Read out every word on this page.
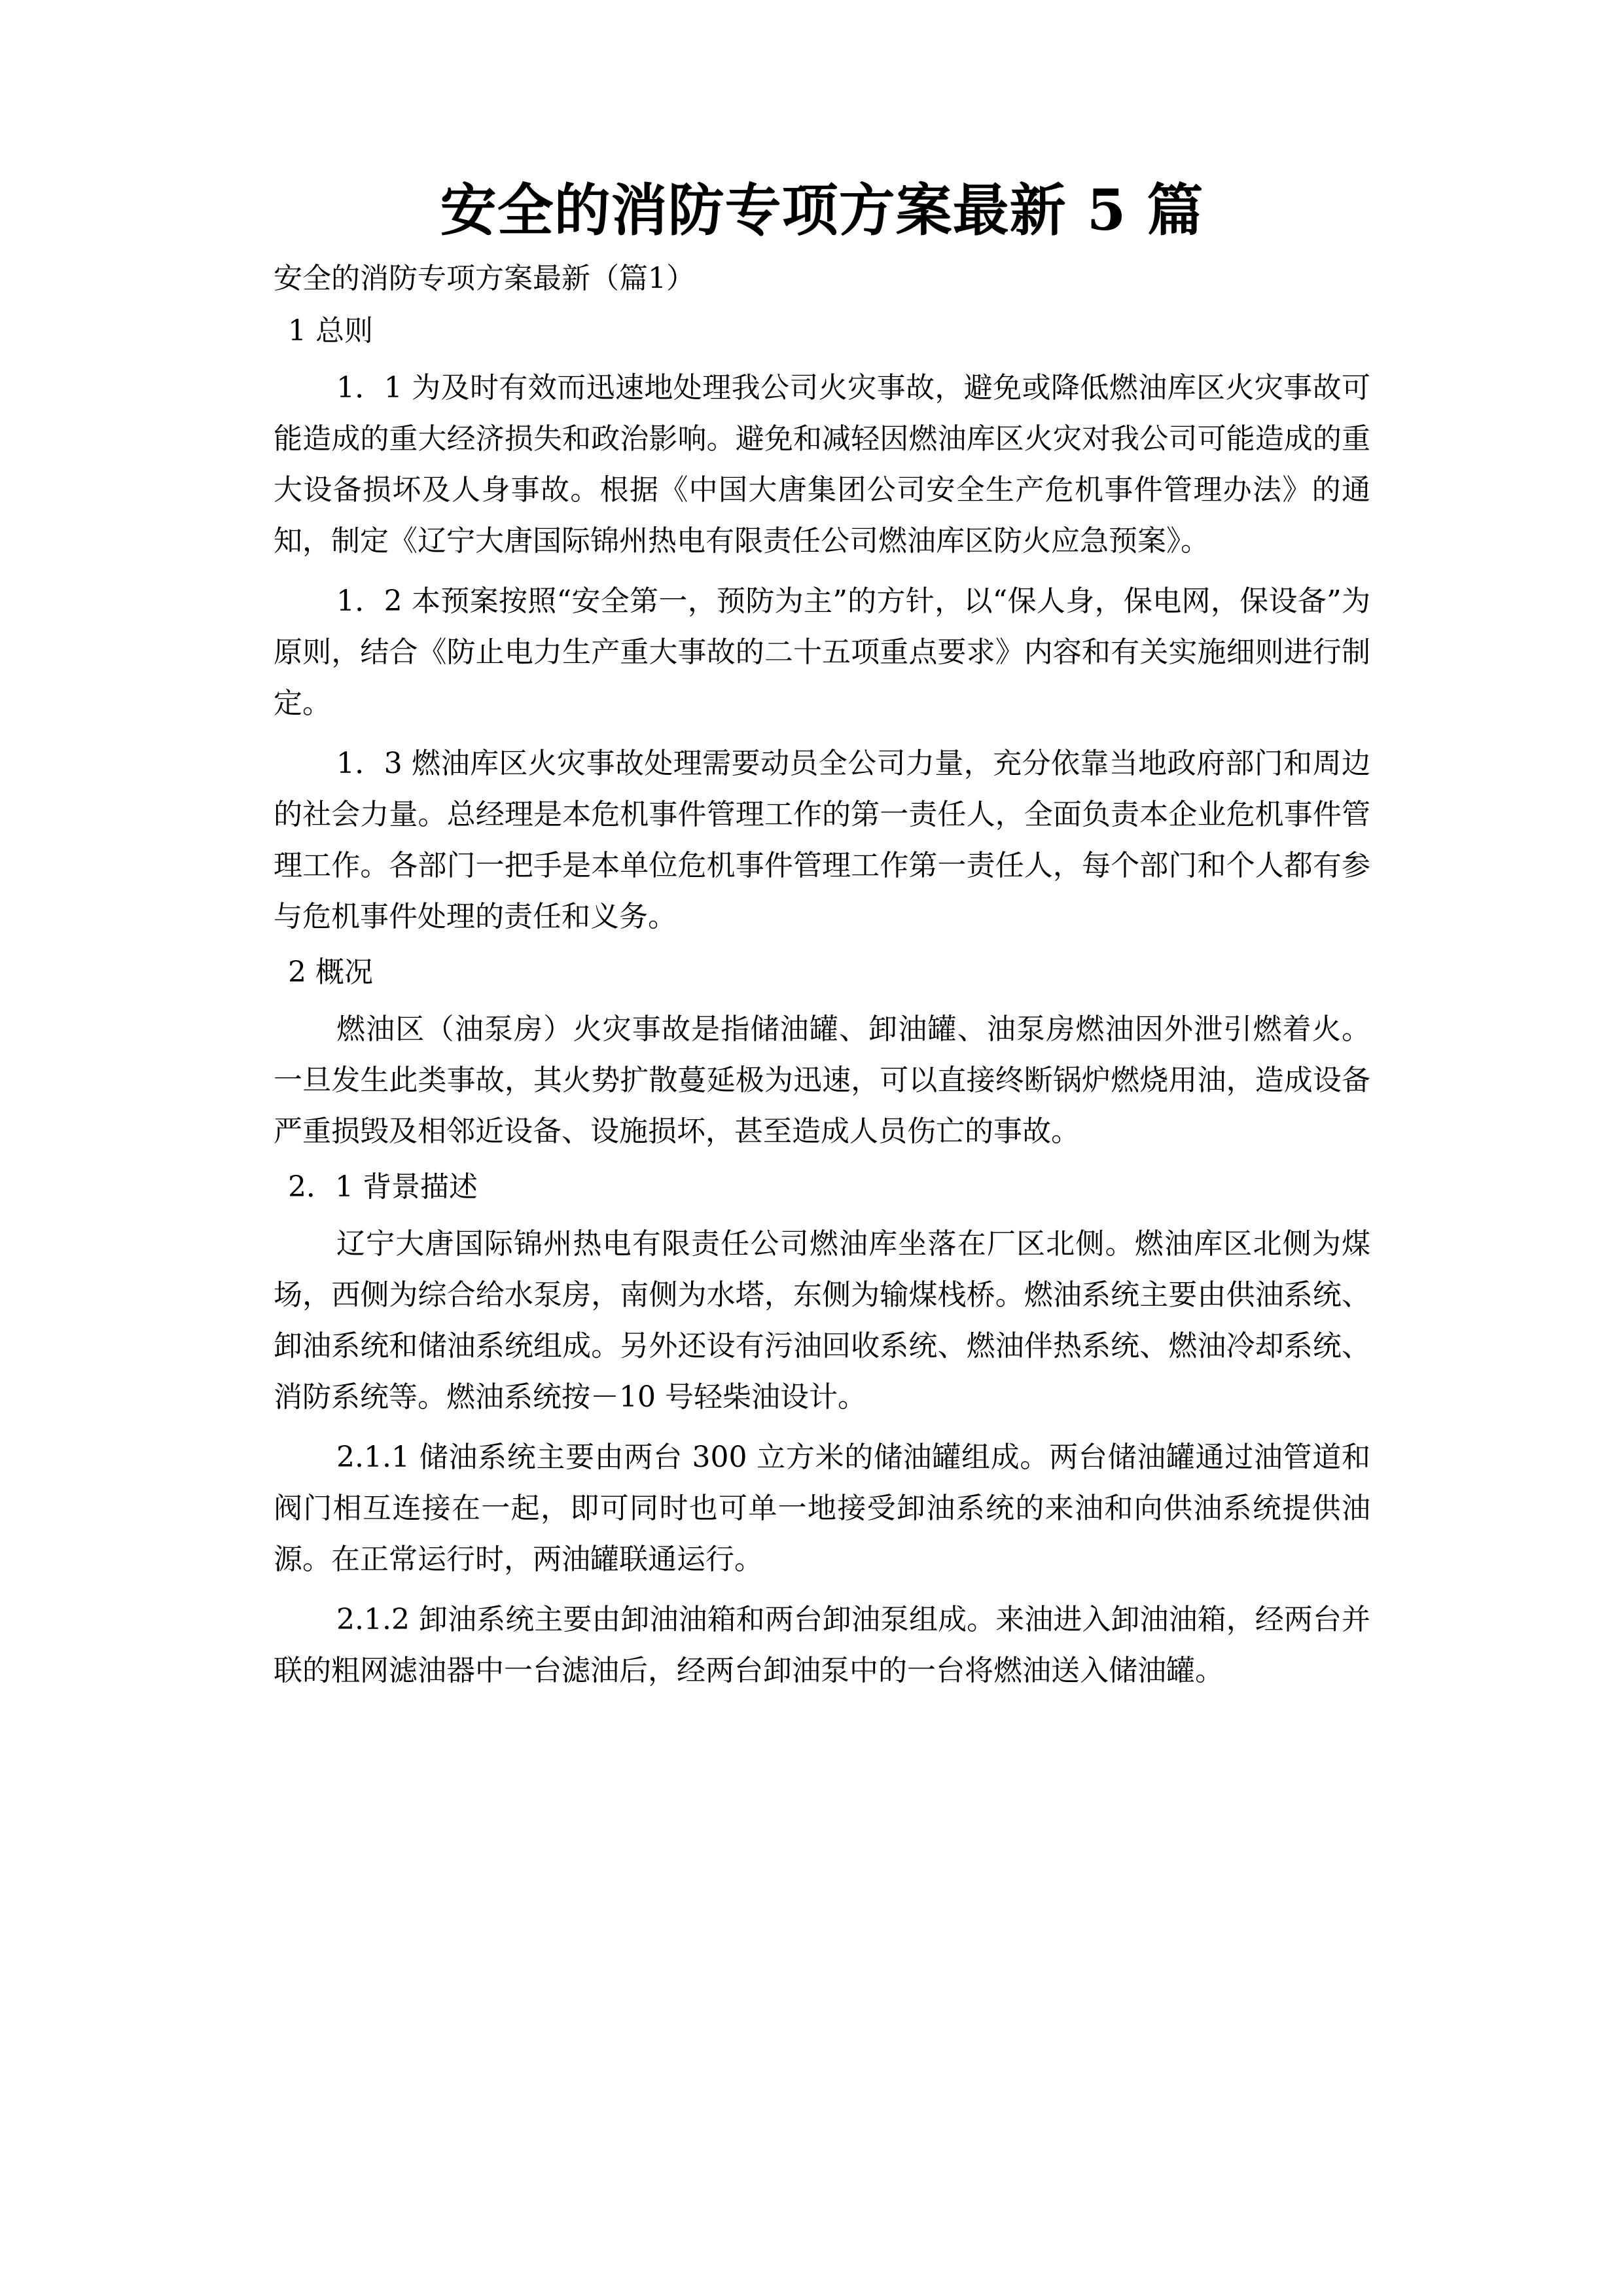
安全的消防专项方案最新 5 篇

安全的消防专项方案最新（篇1）

1 总则

1．1 为及时有效而迅速地处理我公司火灾事故，避免或降低燃油库区火灾事故可能造成的重大经济损失和政治影响。避免和减轻因燃油库区火灾对我公司可能造成的重大设备损坏及人身事故。根据《中国大唐集团公司安全生产危机事件管理办法》的通知，制定《辽宁大唐国际锦州热电有限责任公司燃油库区防火应急预案》。

1．2 本预案按照“安全第一，预防为主”的方针，以“保人身，保电网，保设备”为原则，结合《防止电力生产重大事故的二十五项重点要求》内容和有关实施细则进行制定。

1．3 燃油库区火灾事故处理需要动员全公司力量，充分依靠当地政府部门和周边的社会力量。总经理是本危机事件管理工作的第一责任人，全面负责本企业危机事件管理工作。各部门一把手是本单位危机事件管理工作第一责任人，每个部门和个人都有参与危机事件处理的责任和义务。

2 概况

燃油区（油泵房）火灾事故是指储油罐、卸油罐、油泵房燃油因外泄引燃着火。一旦发生此类事故，其火势扩散蔓延极为迅速，可以直接终断锅炉燃烧用油，造成设备严重损毁及相邻近设备、设施损坏，甚至造成人员伤亡的事故。

2．1 背景描述

辽宁大唐国际锦州热电有限责任公司燃油库坐落在厂区北侧。燃油库区北侧为煤场，西侧为综合给水泵房，南侧为水塔，东侧为输煤栈桥。燃油系统主要由供油系统、卸油系统和储油系统组成。另外还设有污油回收系统、燃油伴热系统、燃油冷却系统、消防系统等。燃油系统按－10 号轻柴油设计。

2.1.1 储油系统主要由两台 300 立方米的储油罐组成。两台储油罐通过油管道和阀门相互连接在一起，即可同时也可单一地接受卸油系统的来油和向供油系统提供油源。在正常运行时，两油罐联通运行。

2.1.2 卸油系统主要由卸油油箱和两台卸油泵组成。来油进入卸油油箱，经两台并联的粗网滤油器中一台滤油后，经两台卸油泵中的一台将燃油送入储油罐。
